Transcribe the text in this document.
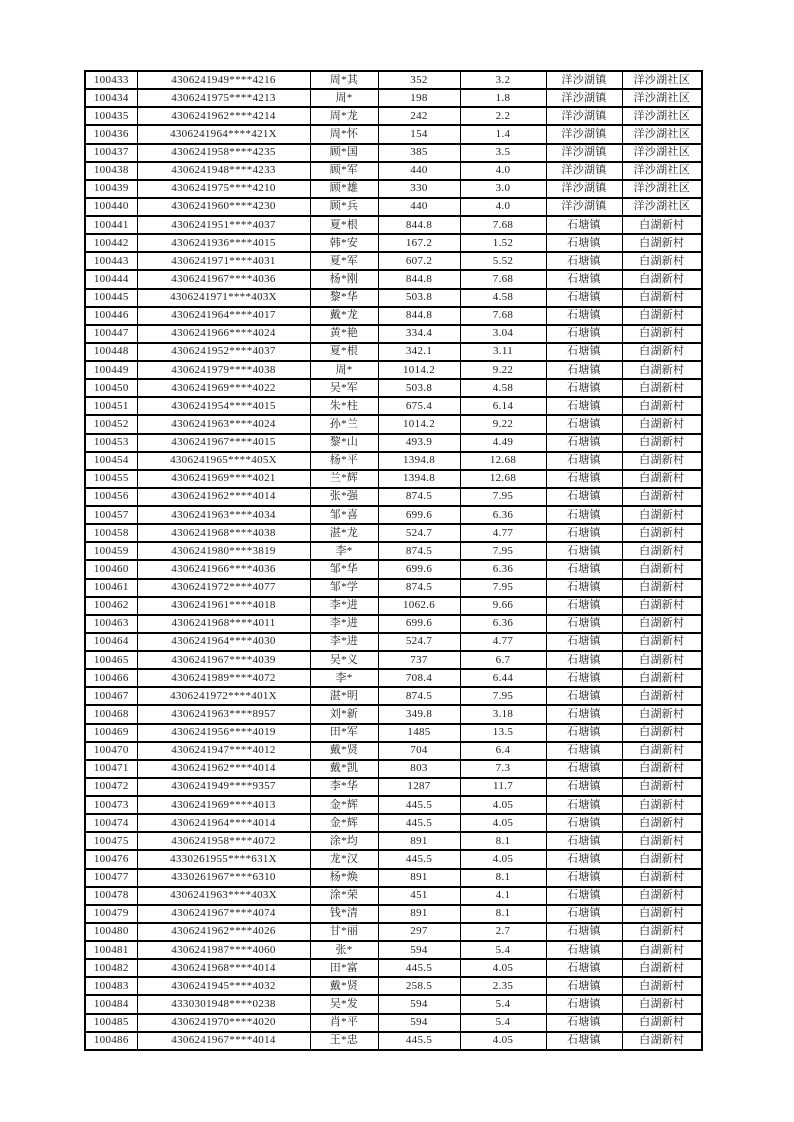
100433	4306241949****4216	周*其	352	3.2	洋沙湖镇	洋沙湖社区
100434	4306241975****4213	周*	198	1.8	洋沙湖镇	洋沙湖社区
100435	4306241962****4214	周*龙	242	2.2	洋沙湖镇	洋沙湖社区
100436	4306241964****421X	周*怀	154	1.4	洋沙湖镇	洋沙湖社区
100437	4306241958****4235	顾*国	385	3.5	洋沙湖镇	洋沙湖社区
100438	4306241948****4233	顾*军	440	4.0	洋沙湖镇	洋沙湖社区
100439	4306241975****4210	顾*雄	330	3.0	洋沙湖镇	洋沙湖社区
100440	4306241960****4230	顾*兵	440	4.0	洋沙湖镇	洋沙湖社区
100441	4306241951****4037	夏*根	844.8	7.68	石塘镇	白湖新村
100442	4306241936****4015	韩*安	167.2	1.52	石塘镇	白湖新村
100443	4306241971****4031	夏*军	607.2	5.52	石塘镇	白湖新村
100444	4306241967****4036	杨*刚	844.8	7.68	石塘镇	白湖新村
100445	4306241971****403X	黎*华	503.8	4.58	石塘镇	白湖新村
100446	4306241964****4017	戴*龙	844.8	7.68	石塘镇	白湖新村
100447	4306241966****4024	黄*艳	334.4	3.04	石塘镇	白湖新村
100448	4306241952****4037	夏*根	342.1	3.11	石塘镇	白湖新村
100449	4306241979****4038	周*	1014.2	9.22	石塘镇	白湖新村
100450	4306241969****4022	吴*军	503.8	4.58	石塘镇	白湖新村
100451	4306241954****4015	朱*柱	675.4	6.14	石塘镇	白湖新村
100452	4306241963****4024	孙*兰	1014.2	9.22	石塘镇	白湖新村
100453	4306241967****4015	黎*山	493.9	4.49	石塘镇	白湖新村
100454	4306241965****405X	杨*平	1394.8	12.68	石塘镇	白湖新村
100455	4306241969****4021	兰*辉	1394.8	12.68	石塘镇	白湖新村
100456	4306241962****4014	张*强	874.5	7.95	石塘镇	白湖新村
100457	4306241963****4034	邹*喜	699.6	6.36	石塘镇	白湖新村
100458	4306241968****4038	湛*龙	524.7	4.77	石塘镇	白湖新村
100459	4306241980****3819	李*	874.5	7.95	石塘镇	白湖新村
100460	4306241966****4036	邹*华	699.6	6.36	石塘镇	白湖新村
100461	4306241972****4077	邹*学	874.5	7.95	石塘镇	白湖新村
100462	4306241961****4018	李*进	1062.6	9.66	石塘镇	白湖新村
100463	4306241968****4011	李*进	699.6	6.36	石塘镇	白湖新村
100464	4306241964****4030	李*进	524.7	4.77	石塘镇	白湖新村
100465	4306241967****4039	吴*义	737	6.7	石塘镇	白湖新村
100466	4306241989****4072	李*	708.4	6.44	石塘镇	白湖新村
100467	4306241972****401X	湛*明	874.5	7.95	石塘镇	白湖新村
100468	4306241963****8957	刘*新	349.8	3.18	石塘镇	白湖新村
100469	4306241956****4019	田*军	1485	13.5	石塘镇	白湖新村
100470	4306241947****4012	戴*贤	704	6.4	石塘镇	白湖新村
100471	4306241962****4014	戴*凯	803	7.3	石塘镇	白湖新村
100472	4306241949****9357	李*华	1287	11.7	石塘镇	白湖新村
100473	4306241969****4013	金*辉	445.5	4.05	石塘镇	白湖新村
100474	4306241964****4014	金*辉	445.5	4.05	石塘镇	白湖新村
100475	4306241958****4072	涂*均	891	8.1	石塘镇	白湖新村
100476	4330261955****631X	龙*汉	445.5	4.05	石塘镇	白湖新村
100477	4330261967****6310	杨*焕	891	8.1	石塘镇	白湖新村
100478	4306241963****403X	涂*荣	451	4.1	石塘镇	白湖新村
100479	4306241967****4074	钱*清	891	8.1	石塘镇	白湖新村
100480	4306241962****4026	甘*丽	297	2.7	石塘镇	白湖新村
100481	4306241987****4060	张*	594	5.4	石塘镇	白湖新村
100482	4306241968****4014	田*富	445.5	4.05	石塘镇	白湖新村
100483	4306241945****4032	戴*贤	258.5	2.35	石塘镇	白湖新村
100484	4330301948****0238	吴*发	594	5.4	石塘镇	白湖新村
100485	4306241970****4020	肖*平	594	5.4	石塘镇	白湖新村
100486	4306241967****4014	王*忠	445.5	4.05	石塘镇	白湖新村
